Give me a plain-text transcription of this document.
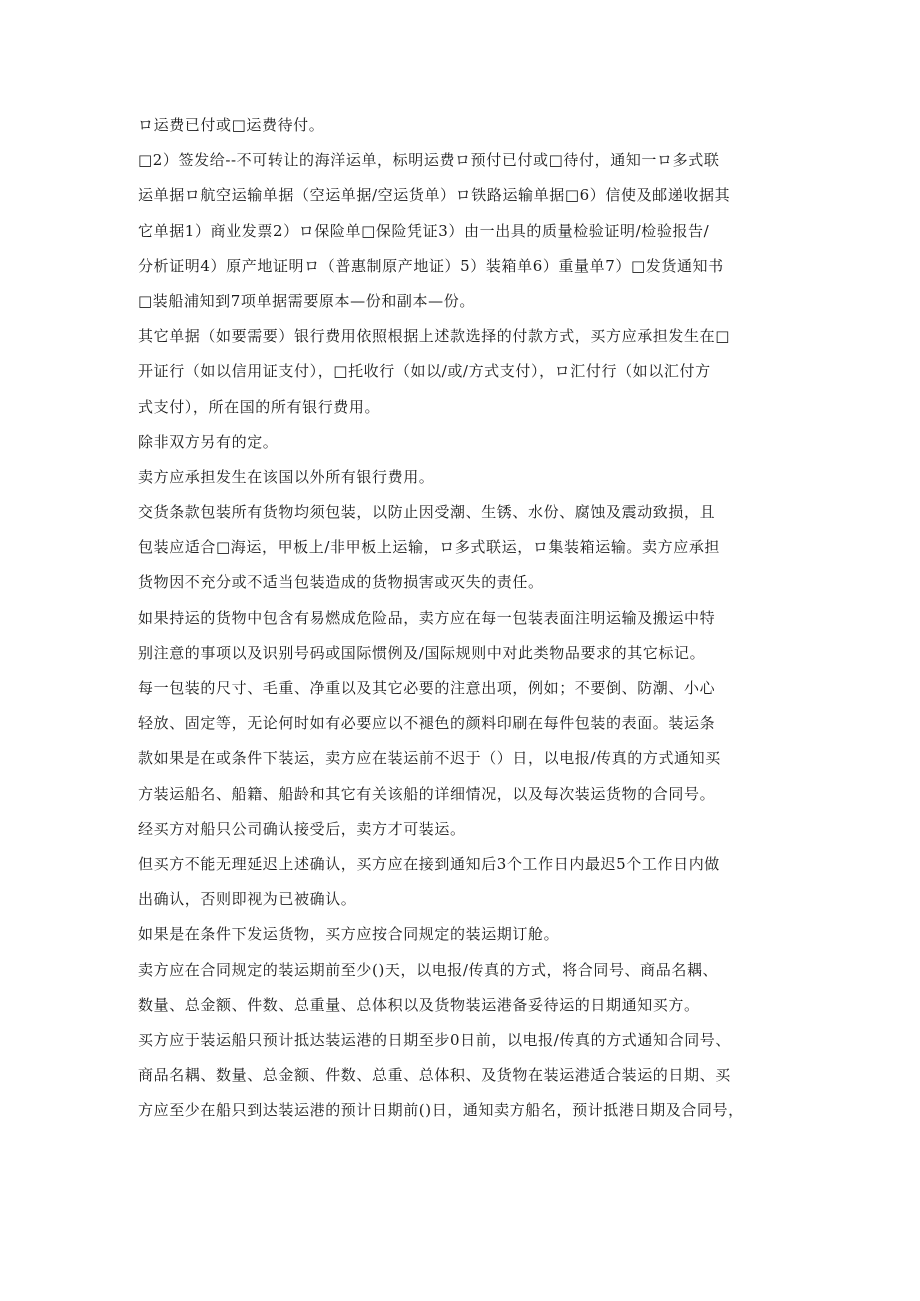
ロ运费已付或□运费待付。
□2）签发给--不可转让的海洋运单，标明运费ロ预付已付或□待付，通知一ロ多式联
运单据ロ航空运输单据（空运单据/空运货单）ロ铁路运输单据□6）信使及邮递收据其
它单据1）商业发票2）ロ保险单□保险凭证3）由一出具的质量检验证明/检验报告/
分析证明4）原产地证明ロ（普惠制原产地证）5）装箱单6）重量单7）□发货通知书
□装船浦知到7项单据需要原本—份和副本—份。
其它单据（如要需要）银行费用依照根据上述款选择的付款方式，买方应承担发生在□
开证行（如以信用证支付），□托收行（如以/或/方式支付），ロ汇付行（如以汇付方
式支付），所在国的所有银行费用。
除非双方另有的定。
卖方应承担发生在该国以外所有银行费用。
交货条款包装所有货物均须包装，以防止因受潮、生锈、水份、腐蚀及震动致损，且
包装应适合□海运，甲板上/非甲板上运输，ロ多式联运，ロ集装箱运输。卖方应承担
货物因不充分或不适当包装造成的货物损害或灭失的责任。
如果持运的货物中包含有易燃成危险品，卖方应在每一包装表面注明运输及搬运中特
别注意的事项以及识别号码或国际惯例及/国际规则中对此类物品要求的其它标记。
每一包装的尺寸、毛重、净重以及其它必要的注意出项，例如；不要倒、防潮、小心
轻放、固定等，无论何时如有必要应以不褪色的颜料印刷在每件包装的表面。装运条
款如果是在或条件下装运，卖方应在装运前不迟于（）日，以电报/传真的方式通知买
方装运船名、船籍、船龄和其它有关该船的详细情况，以及每次装运货物的合同号。
经买方对船只公司确认接受后，卖方才可装运。
但买方不能无理延迟上述确认，买方应在接到通知后3个工作日内最迟5个工作日内做
出确认，否则即视为已被确认。
如果是在条件下发运货物，买方应按合同规定的装运期订舱。
卖方应在合同规定的装运期前至少()天，以电报/传真的方式，将合同号、商品名耦、
数量、总金额、件数、总重量、总体积以及货物装运港备妥待运的日期通知买方。
买方应于装运船只预计抵达装运港的日期至步0日前，以电报/传真的方式通知合同号、
商品名耦、数量、总金额、件数、总重、总体积、及货物在装运港适合装运的日期、买
方应至少在船只到达装运港的预计日期前()日，通知卖方船名，预计抵港日期及合同号，
